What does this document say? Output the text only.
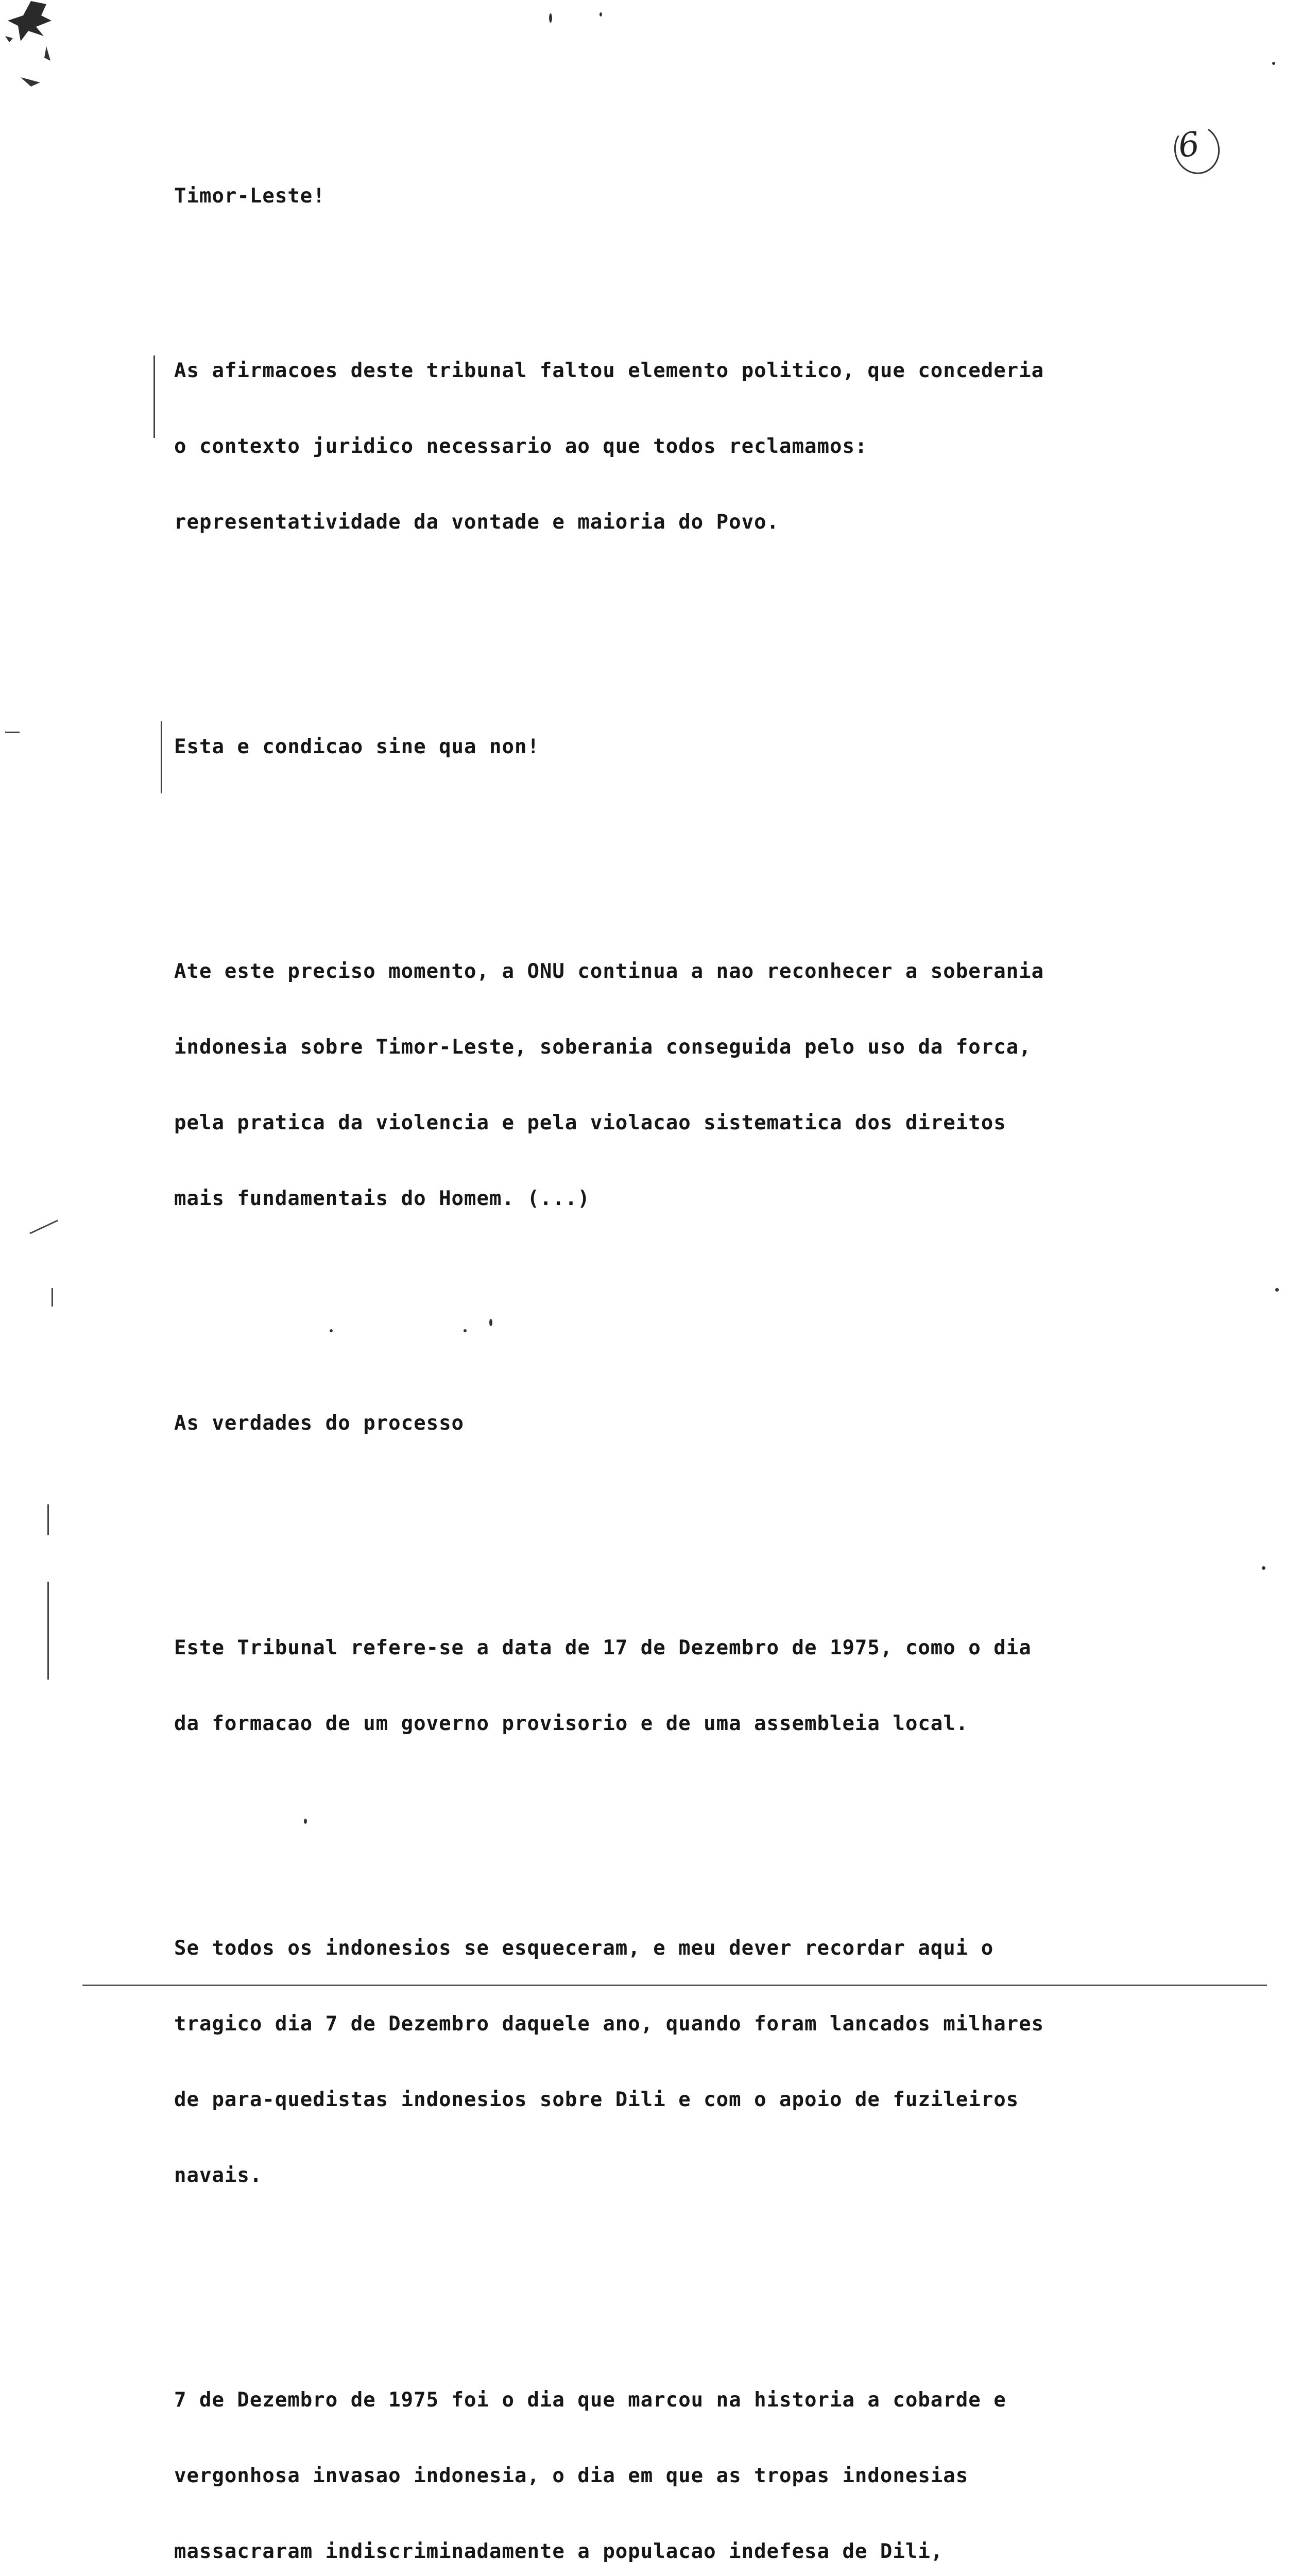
6

Timor-Leste!

As afirmacoes deste tribunal faltou elemento politico, que concederia

o contexto juridico necessario ao que todos reclamamos:

representatividade da vontade e maioria do Povo.

Esta e condicao sine qua non!

Ate este preciso momento, a ONU continua a nao reconhecer a soberania

indonesia sobre Timor-Leste, soberania conseguida pelo uso da forca,

pela pratica da violencia e pela violacao sistematica dos direitos

mais fundamentais do Homem. (...)

As verdades do processo

Este Tribunal refere-se a data de 17 de Dezembro de 1975, como o dia

da formacao de um governo provisorio e de uma assembleia local.

Se todos os indonesios se esqueceram, e meu dever recordar aqui o

tragico dia 7 de Dezembro daquele ano, quando foram lancados milhares

de para-quedistas indonesios sobre Dili e com o apoio de fuzileiros

navais.

7 de Dezembro de 1975 foi o dia que marcou na historia a cobarde e

vergonhosa invasao indonesia, o dia em que as tropas indonesias

massacraram indiscriminadamente a populacao indefesa de Dili,
